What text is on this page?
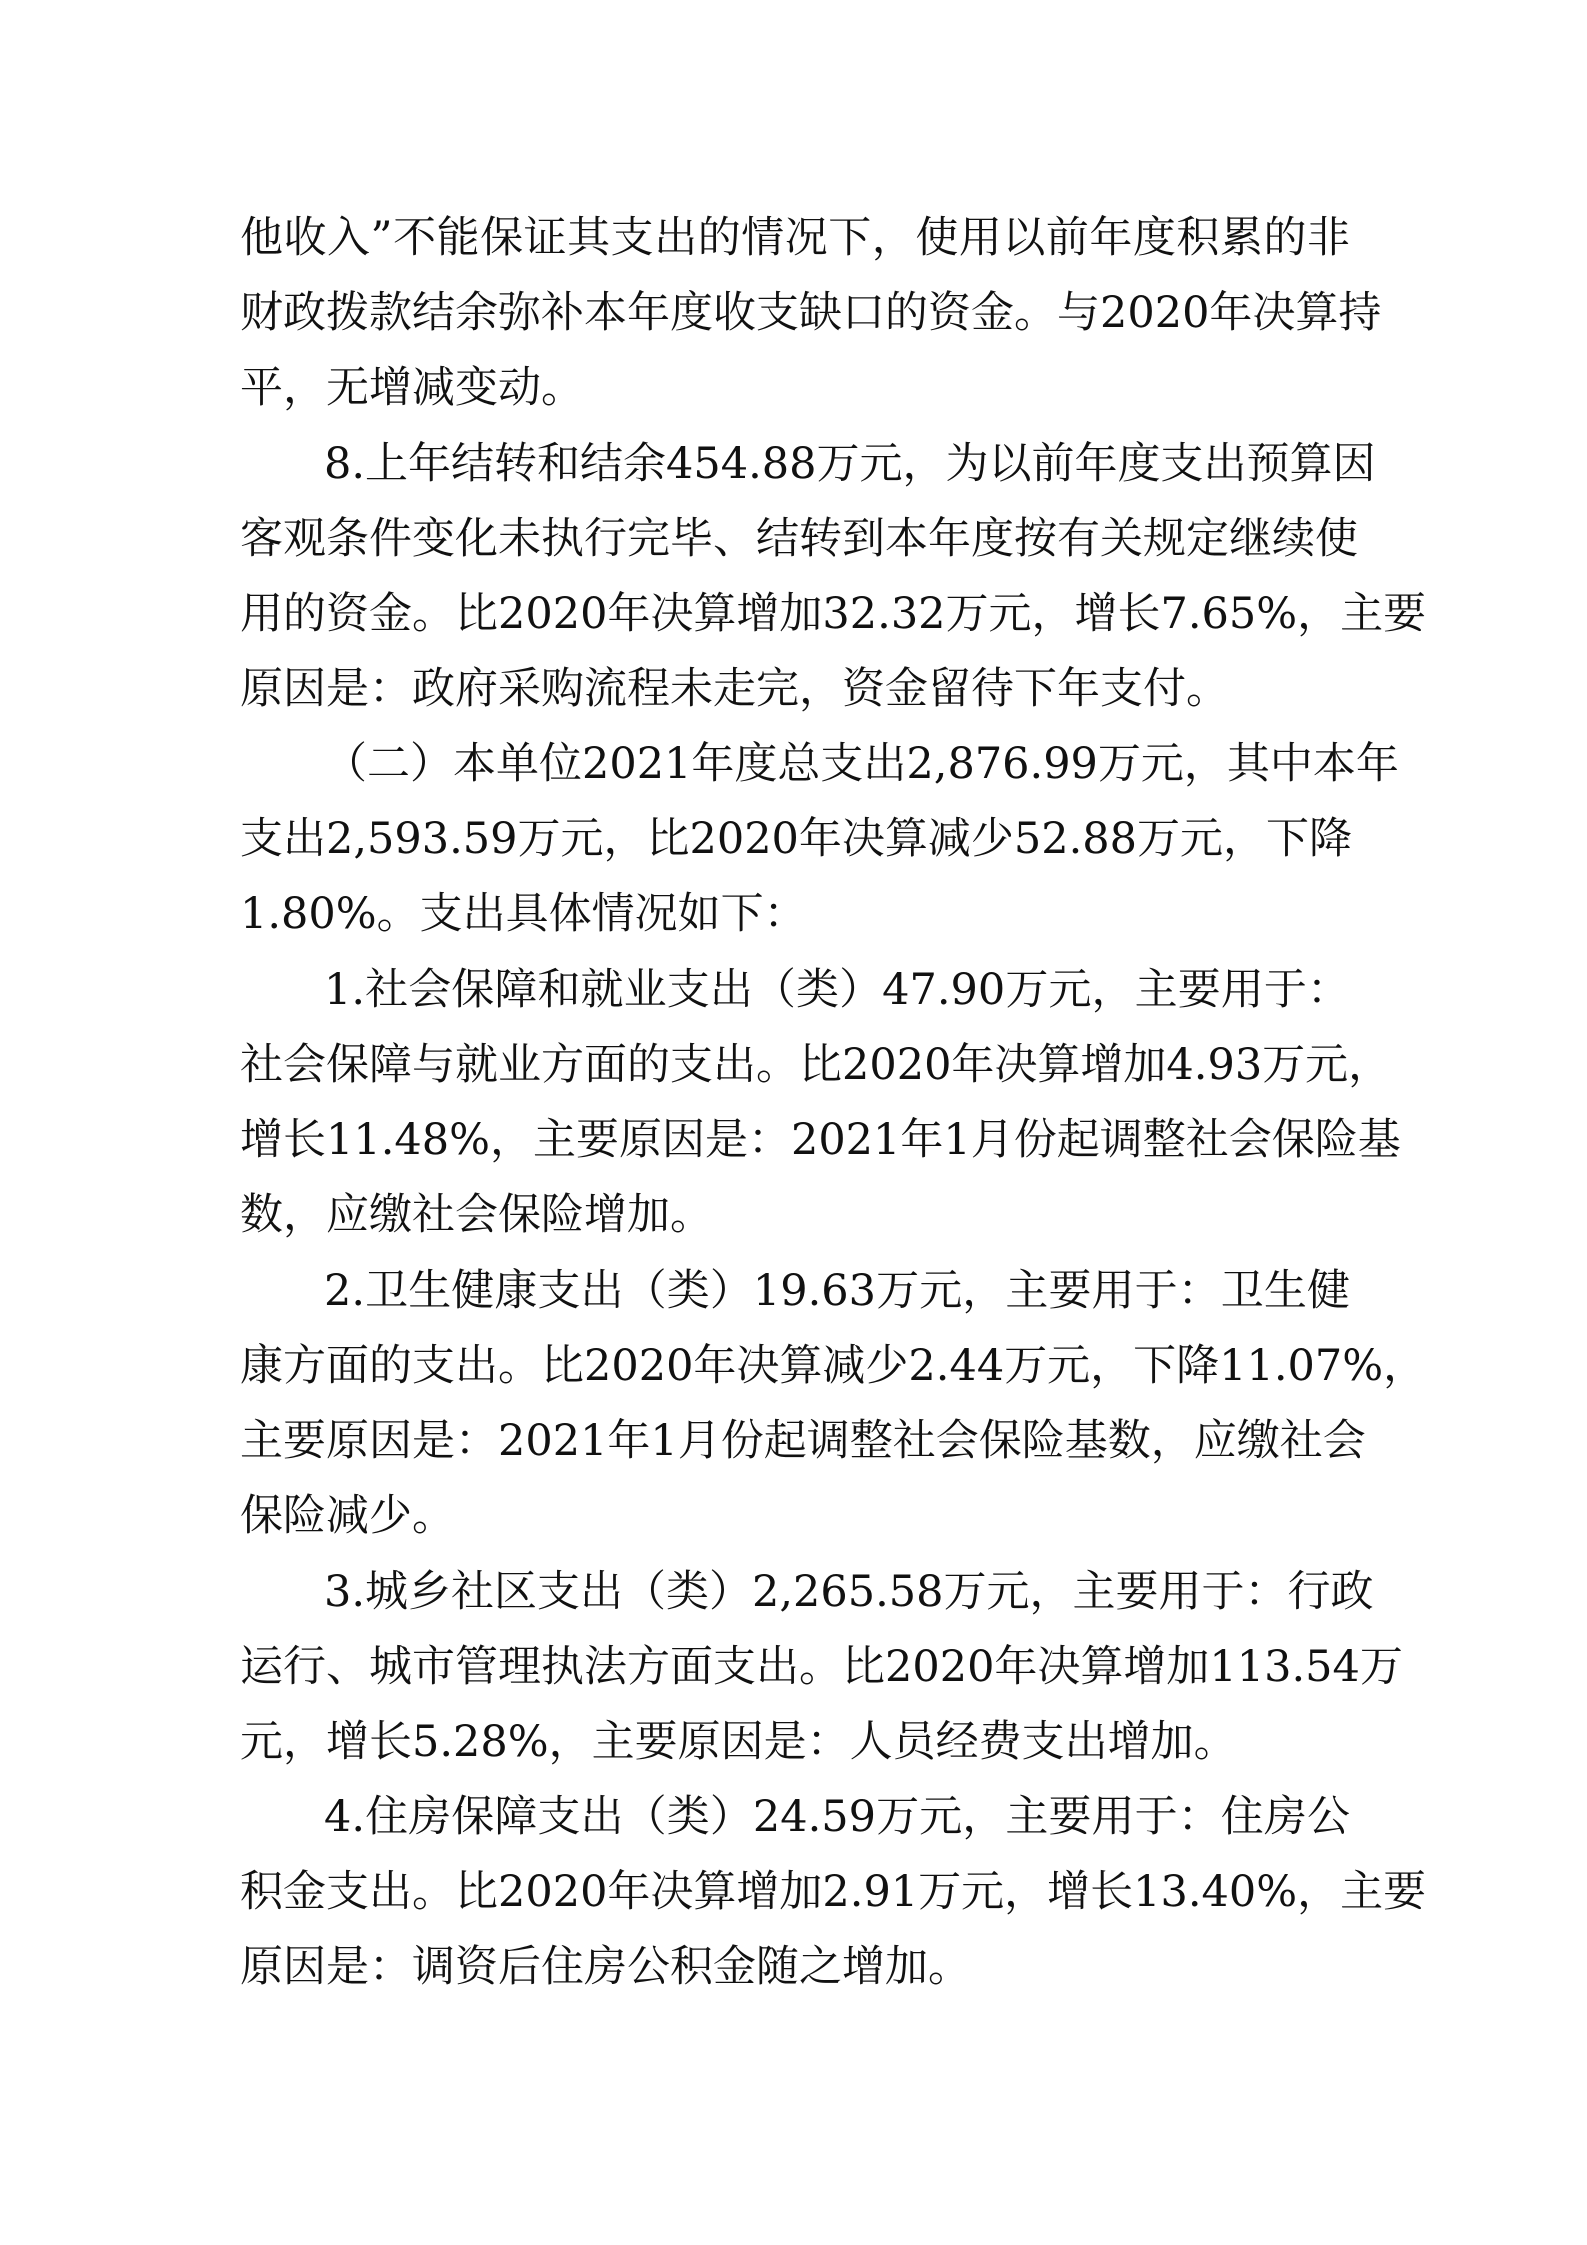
他收入”不能保证其支出的情况下，使用以前年度积累的非
财政拨款结余弥补本年度收支缺口的资金。与2020年决算持
平，无增减变动。
8.上年结转和结余454.88万元，为以前年度支出预算因
客观条件变化未执行完毕、结转到本年度按有关规定继续使
用的资金。比2020年决算增加32.32万元，增长7.65%，主要
原因是：政府采购流程未走完，资金留待下年支付。
（二）本单位2021年度总支出2,876.99万元，其中本年
支出2,593.59万元，比2020年决算减少52.88万元，下降
1.80%。支出具体情况如下：
1.社会保障和就业支出（类）47.90万元，主要用于：
社会保障与就业方面的支出。比2020年决算增加4.93万元，
增长11.48%，主要原因是：2021年1月份起调整社会保险基
数，应缴社会保险增加。
2.卫生健康支出（类）19.63万元，主要用于：卫生健
康方面的支出。比2020年决算减少2.44万元，下降11.07%，
主要原因是：2021年1月份起调整社会保险基数，应缴社会
保险减少。
3.城乡社区支出（类）2,265.58万元，主要用于：行政
运行、城市管理执法方面支出。比2020年决算增加113.54万
元，增长5.28%，主要原因是：人员经费支出增加。
4.住房保障支出（类）24.59万元，主要用于：住房公
积金支出。比2020年决算增加2.91万元，增长13.40%，主要
原因是：调资后住房公积金随之增加。
